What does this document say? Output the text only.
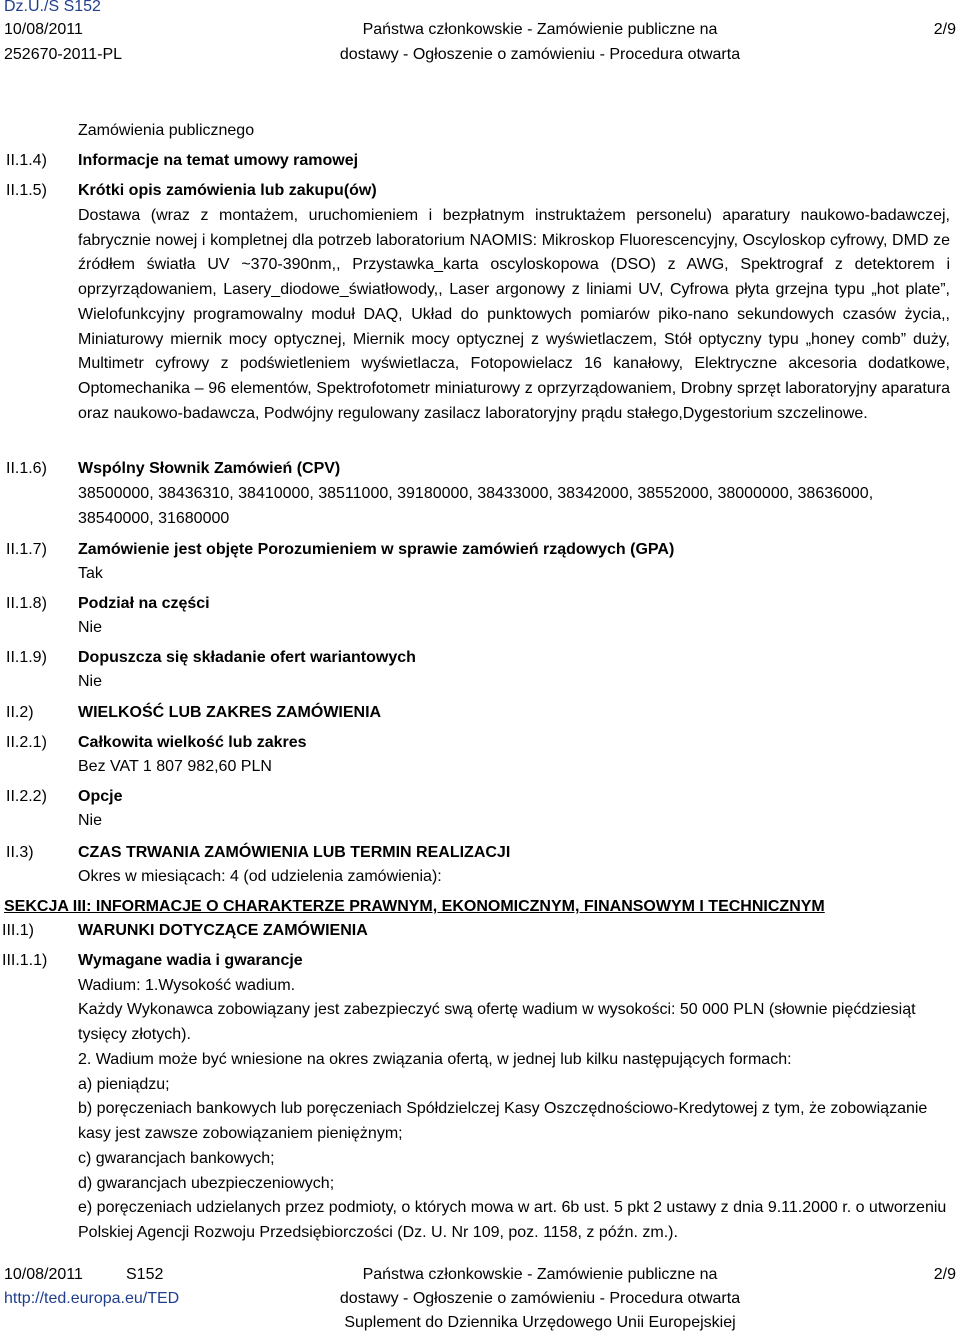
Dz.U./S S152
10/08/2011
252670-2011-PL
Państwa członkowskie - Zamówienie publiczne na
dostawy - Ogłoszenie o zamówieniu - Procedura otwarta
2/9
Zamówienia publicznego
II.1.4) Informacje na temat umowy ramowej
II.1.5) Krótki opis zamówienia lub zakupu(ów)
Dostawa (wraz z montażem, uruchomieniem i bezpłatnym instruktażem personelu) aparatury naukowo-badawczej, fabrycznie nowej i kompletnej dla potrzeb laboratorium NAOMIS: Mikroskop Fluorescencyjny, Oscyloskop cyfrowy, DMD ze źródłem światła UV ~370-390nm,, Przystawka_karta oscyloskopowa (DSO) z AWG, Spektrograf z detektorem i oprzyrządowaniem, Lasery_diodowe_światłowody,, Laser argonowy z liniami UV, Cyfrowa płyta grzejna typu „hot plate”, Wielofunkcyjny programowalny moduł DAQ, Układ do punktowych pomiarów piko-nano sekundowych czasów życia,, Miniaturowy miernik mocy optycznej, Miernik mocy optycznej z wyświetlaczem, Stół optyczny typu „honey comb” duży, Multimetr cyfrowy z podświetleniem wyświetlacza, Fotopowielacz 16 kanałowy, Elektryczne akcesoria dodatkowe, Optomechanika – 96 elementów, Spektrofotometr miniaturowy z oprzyrządowaniem, Drobny sprzęt laboratoryjny aparatura oraz naukowo-badawcza, Podwójny regulowany zasilacz laboratoryjny prądu stałego,Dygestorium szczelinowe.
II.1.6) Wspólny Słownik Zamówień (CPV)
38500000, 38436310, 38410000, 38511000, 39180000, 38433000, 38342000, 38552000, 38000000, 38636000, 38540000, 31680000
II.1.7) Zamówienie jest objęte Porozumieniem w sprawie zamówień rządowych (GPA)
Tak
II.1.8) Podział na części
Nie
II.1.9) Dopuszcza się składanie ofert wariantowych
Nie
II.2)	WIELKOŚĆ LUB ZAKRES ZAMÓWIENIA
II.2.1) Całkowita wielkość lub zakres
Bez VAT 1 807 982,60 PLN
II.2.2) Opcje
Nie
II.3)	CZAS TRWANIA ZAMÓWIENIA LUB TERMIN REALIZACJI
Okres w miesiącach: 4 (od udzielenia zamówienia):
SEKCJA III: INFORMACJE O CHARAKTERZE PRAWNYM, EKONOMICZNYM, FINANSOWYM I TECHNICZNYM
III.1)	WARUNKI DOTYCZĄCE ZAMÓWIENIA
III.1.1) Wymagane wadia i gwarancje
Wadium: 1.Wysokość wadium.
Każdy Wykonawca zobowiązany jest zabezpieczyć swą ofertę wadium w wysokości: 50 000 PLN (słownie pięćdziesiąt tysięcy złotych).
2. Wadium może być wniesione na okres związania ofertą, w jednej lub kilku następujących formach:
a) pieniądzu;
b) poręczeniach bankowych lub poręczeniach Spółdzielczej Kasy Oszczędnościowo-Kredytowej z tym, że zobowiązanie kasy jest zawsze zobowiązaniem pieniężnym;
c) gwarancjach bankowych;
d) gwarancjach ubezpieczeniowych;
e) poręczeniach udzielanych przez podmioty, o których mowa w art. 6b ust. 5 pkt 2 ustawy z dnia 9.11.2000 r. o utworzeniu Polskiej Agencji Rozwoju Przedsiębiorczości (Dz. U. Nr 109, poz. 1158, z późn. zm.).
10/08/2011	S152
http://ted.europa.eu/TED
Państwa członkowskie - Zamówienie publiczne na
dostawy - Ogłoszenie o zamówieniu - Procedura otwarta
Suplement do Dziennika Urzędowego Unii Europejskiej
2/9
